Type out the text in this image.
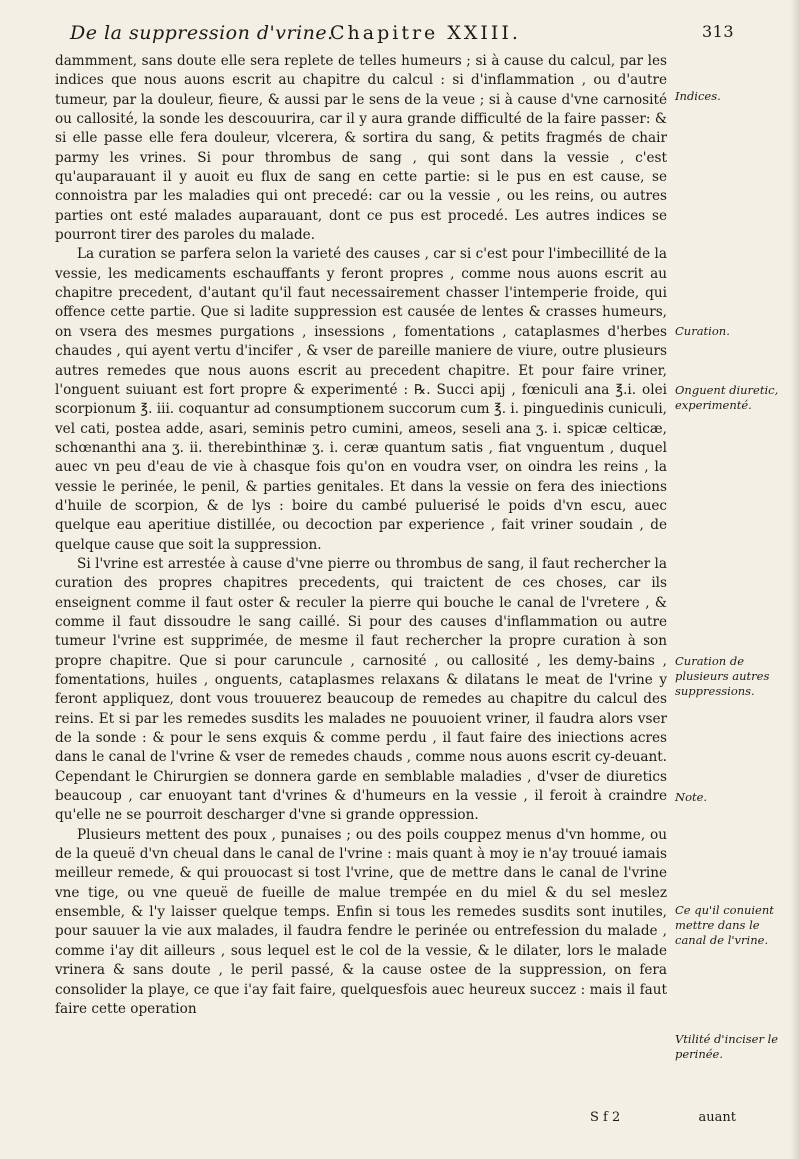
De la suppression d'vrine.
Chapitre XXIII.	313

dammment, sans doute elle sera replete de telles humeurs ; si à cause du calcul, par les indices que nous auons escrit au chapitre du calcul : si d'inflammation , ou d'autre tumeur, par la douleur, fieure, & aussi par le sens de la veue ; si à cause d'vne carnosité ou callosité, la sonde les descouurira, car il y aura grande difficulté de la faire passer: & si elle passe elle fera douleur, vlcerera, & sortira du sang, & petits fragmés de chair parmy les vrines. Si pour thrombus de sang , qui sont dans la vessie , c'est qu'auparauant il y auoit eu flux de sang en cette partie: si le pus en est cause, se connoistra par les maladies qui ont precedé: car ou la vessie , ou les reins, ou autres parties ont esté malades auparauant, dont ce pus est procedé. Les autres indices se pourront tirer des paroles du malade.

La curation se parfera selon la varieté des causes , car si c'est pour l'imbecillité de la vessie, les medicaments eschauffants y feront propres , comme nous auons escrit au chapitre precedent, d'autant qu'il faut necessairement chasser l'intemperie froide, qui offence cette partie. Que si ladite suppression est causée de lentes & crasses humeurs, on vsera des mesmes purgations , insessions , fomentations , cataplasmes d'herbes chaudes , qui ayent vertu d'incifer , & vser de pareille maniere de viure, outre plusieurs autres remedes que nous auons escrit au precedent chapitre. Et pour faire vriner, l'onguent suiuant est fort propre & experimenté : ℞. Succi apij , fœniculi ana ℥.i. olei scorpionum ℥. iii. coquantur ad consumptionem succorum cum ℥. i. pinguedinis cuniculi, vel cati, postea adde, asari, seminis petro cumini, ameos, seseli ana ʒ. i. spicæ celticæ, schœnanthi ana ʒ. ii. therebinthinæ ʒ. i. ceræ quantum satis , fiat vnguentum , duquel auec vn peu d'eau de vie à chasque fois qu'on en voudra vser, on oindra les reins , la vessie le perinée, le penil, & parties genitales. Et dans la vessie on fera des iniections d'huile de scorpion, & de lys : boire du cambé puluerisé le poids d'vn escu, auec quelque eau aperitiue distillée, ou decoction par experience , fait vriner soudain , de quelque cause que soit la suppression.

Si l'vrine est arrestée à cause d'vne pierre ou thrombus de sang, il faut rechercher la curation des propres chapitres precedents, qui traictent de ces choses, car ils enseignent comme il faut oster & reculer la pierre qui bouche le canal de l'vretere , & comme il faut dissoudre le sang caillé. Si pour des causes d'inflammation ou autre tumeur l'vrine est supprimée, de mesme il faut rechercher la propre curation à son propre chapitre. Que si pour caruncule , carnosité , ou callosité , les demy-bains , fomentations, huiles , onguents, cataplasmes relaxans & dilatans le meat de l'vrine y feront appliquez, dont vous trouuerez beaucoup de remedes au chapitre du calcul des reins. Et si par les remedes susdits les malades ne pouuoient vriner, il faudra alors vser de la sonde : & pour le sens exquis & comme perdu , il faut faire des iniections acres dans le canal de l'vrine & vser de remedes chauds , comme nous auons escrit cy-deuant. Cependant le Chirurgien se donnera garde en semblable maladies , d'vser de diuretics beaucoup , car enuoyant tant d'vrines & d'humeurs en la vessie , il feroit à craindre qu'elle ne se pourroit descharger d'vne si grande oppression.

Plusieurs mettent des poux , punaises ; ou des poils couppez menus d'vn homme, ou de la queuë d'vn cheual dans le canal de l'vrine : mais quant à moy ie n'ay trouué iamais meilleur remede, & qui prouocast si tost l'vrine, que de mettre dans le canal de l'vrine vne tige, ou vne queuë de fueille de malue trempée en du miel & du sel meslez ensemble, & l'y laisser quelque temps. Enfin si tous les remedes susdits sont inutiles, pour sauuer la vie aux malades, il faudra fendre le perinée ou entrefession du malade , comme i'ay dit ailleurs , sous lequel est le col de la vessie, & le dilater, lors le malade vrinera & sans doute , le peril passé, & la cause ostee de la suppression, on fera consolider la playe, ce que i'ay fait faire, quelquesfois auec heureux succez : mais il faut faire cette operation

Indices.
Curation.
Onguent diuretic, experimenté.
Curation de plusieurs autres suppressions.
Note.
Ce qu'il conuient mettre dans le canal de l'vrine.
Vtilité d'inciser le perinée.
S f 2	auant
